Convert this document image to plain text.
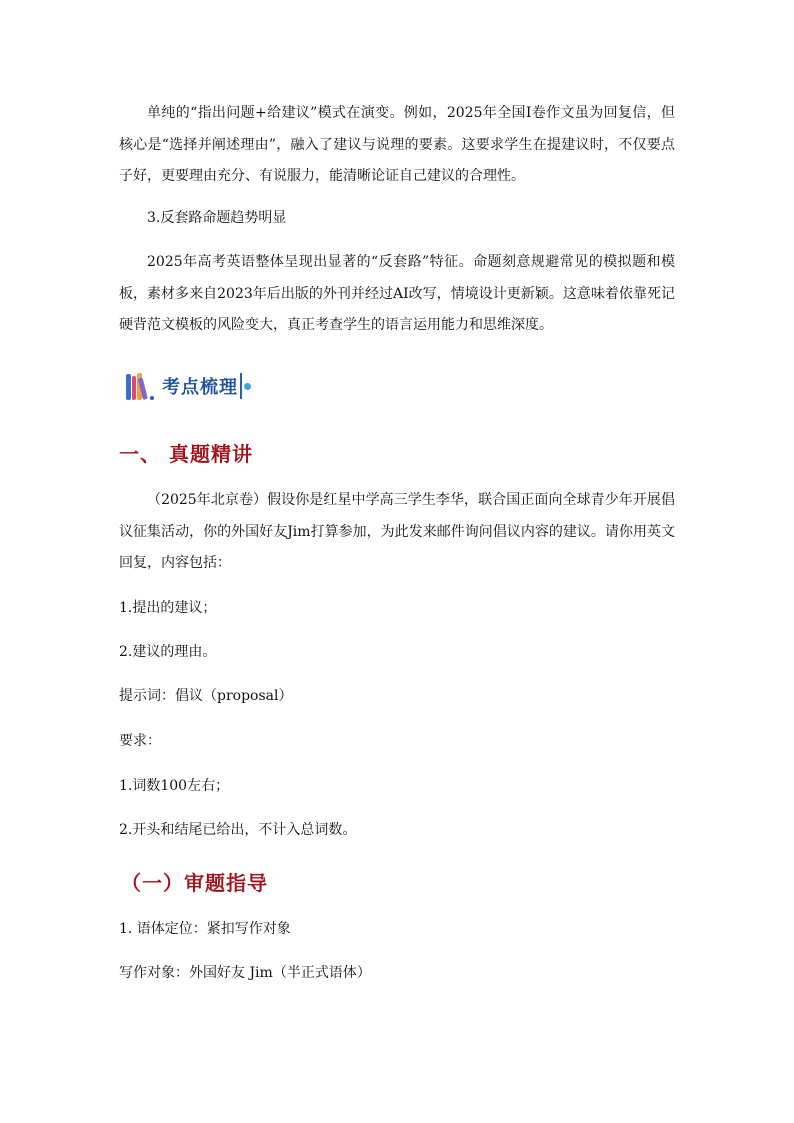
单纯的“指出问题+给建议”模式在演变。例如，2025年全国Ⅰ卷作文虽为回复信，但核心是“选择并阐述理由”，融入了建议与说理的要素。这要求学生在提建议时，不仅要点子好，更要理由充分、有说服力，能清晰论证自己建议的合理性。

3.反套路命题趋势明显

2025年高考英语整体呈现出显著的“反套路”特征。命题刻意规避常见的模拟题和模板，素材多来自2023年后出版的外刊并经过AI改写，情境设计更新颖。这意味着依靠死记硬背范文模板的风险变大，真正考查学生的语言运用能力和思维深度。

考点梳理
一、 真题精讲

（2025年北京卷）假设你是红星中学高三学生李华，联合国正面向全球青少年开展倡议征集活动，你的外国好友Jim打算参加，为此发来邮件询问倡议内容的建议。请你用英文回复，内容包括：

1.提出的建议；

2.建议的理由。

提示词：倡议（proposal）

要求：

1.词数100左右；

2.开头和结尾已给出，不计入总词数。

（一）审题指导

1. 语体定位：紧扣写作对象

写作对象：外国好友 Jim（半正式语体）
